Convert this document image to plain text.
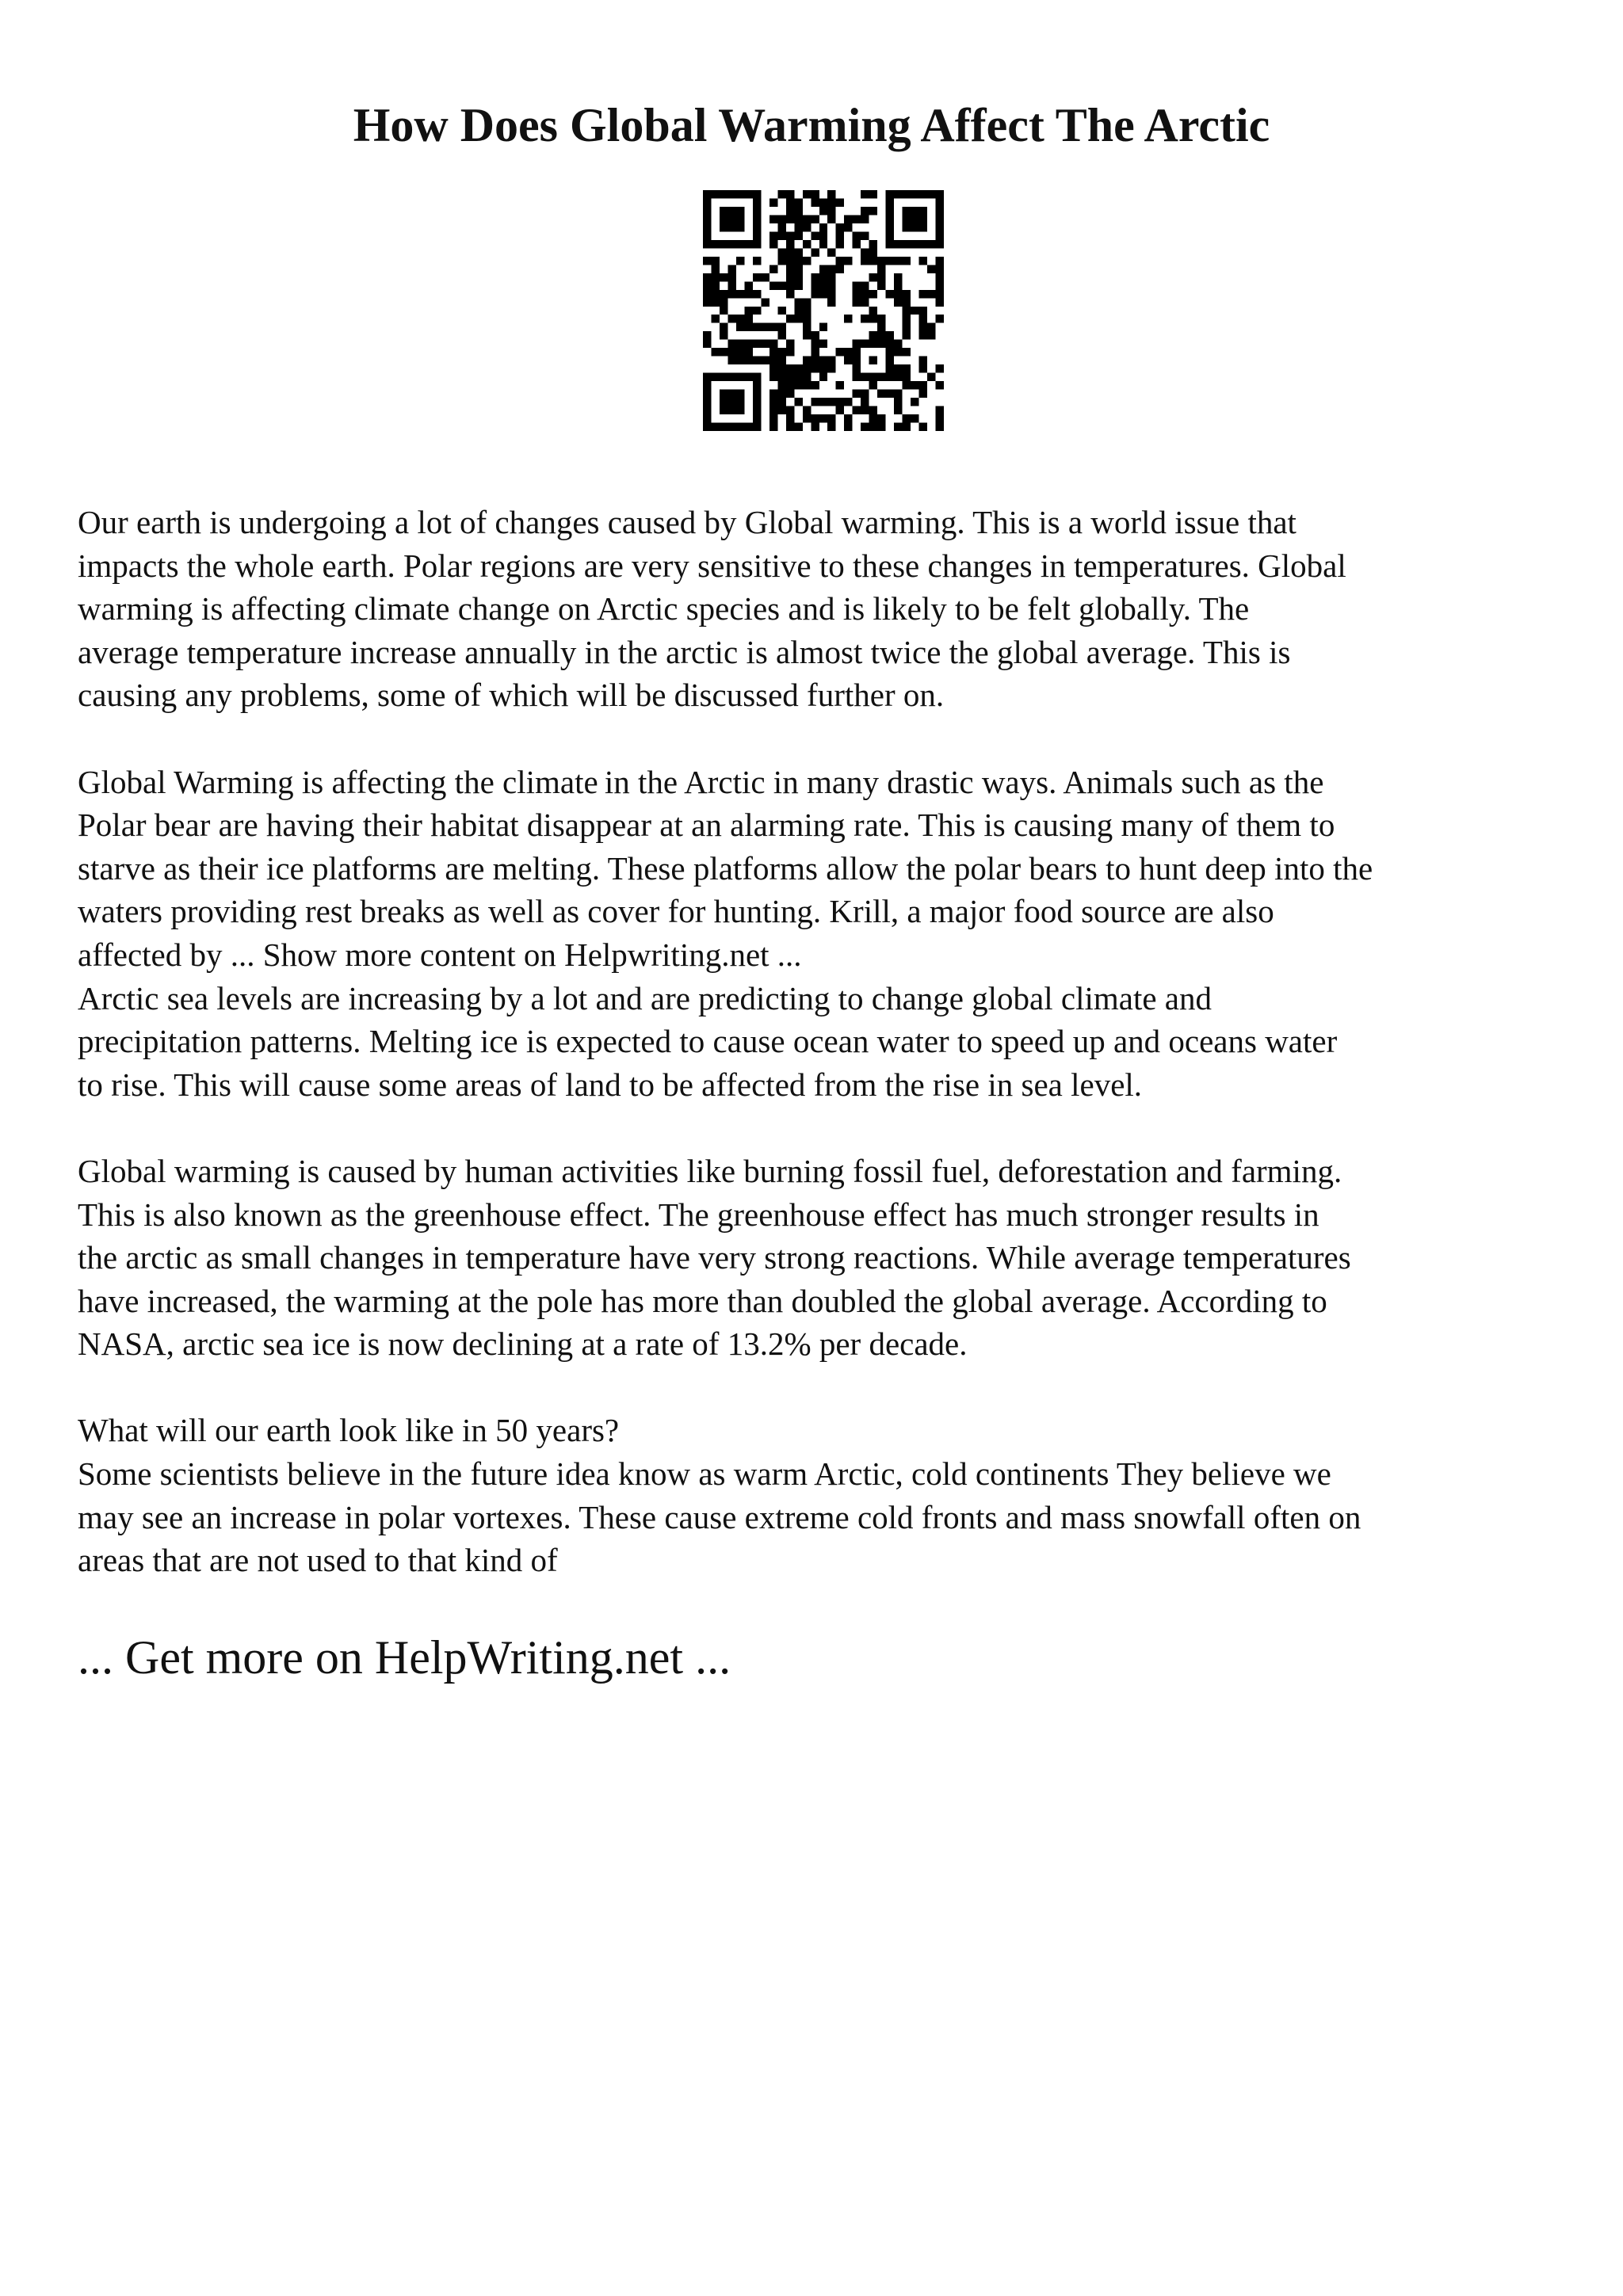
How Does Global Warming Affect The Arctic

Our earth is undergoing a lot of changes caused by Global warming. This is a world issue that
impacts the whole earth. Polar regions are very sensitive to these changes in temperatures. Global
warming is affecting climate change on Arctic species and is likely to be felt globally. The
average temperature increase annually in the arctic is almost twice the global average. This is
causing any problems, some of which will be discussed further on.

Global Warming is affecting the climate in the Arctic in many drastic ways. Animals such as the
Polar bear are having their habitat disappear at an alarming rate. This is causing many of them to
starve as their ice platforms are melting. These platforms allow the polar bears to hunt deep into the
waters providing rest breaks as well as cover for hunting. Krill, a major food source are also
affected by ... Show more content on Helpwriting.net ...
Arctic sea levels are increasing by a lot and are predicting to change global climate and
precipitation patterns. Melting ice is expected to cause ocean water to speed up and oceans water
to rise. This will cause some areas of land to be affected from the rise in sea level.

Global warming is caused by human activities like burning fossil fuel, deforestation and farming.
This is also known as the greenhouse effect. The greenhouse effect has much stronger results in
the arctic as small changes in temperature have very strong reactions. While average temperatures
have increased, the warming at the pole has more than doubled the global average. According to
NASA, arctic sea ice is now declining at a rate of 13.2% per decade.

What will our earth look like in 50 years?
Some scientists believe in the future idea know as warm Arctic, cold continents They believe we
may see an increase in polar vortexes. These cause extreme cold fronts and mass snowfall often on
areas that are not used to that kind of

... Get more on HelpWriting.net ...
